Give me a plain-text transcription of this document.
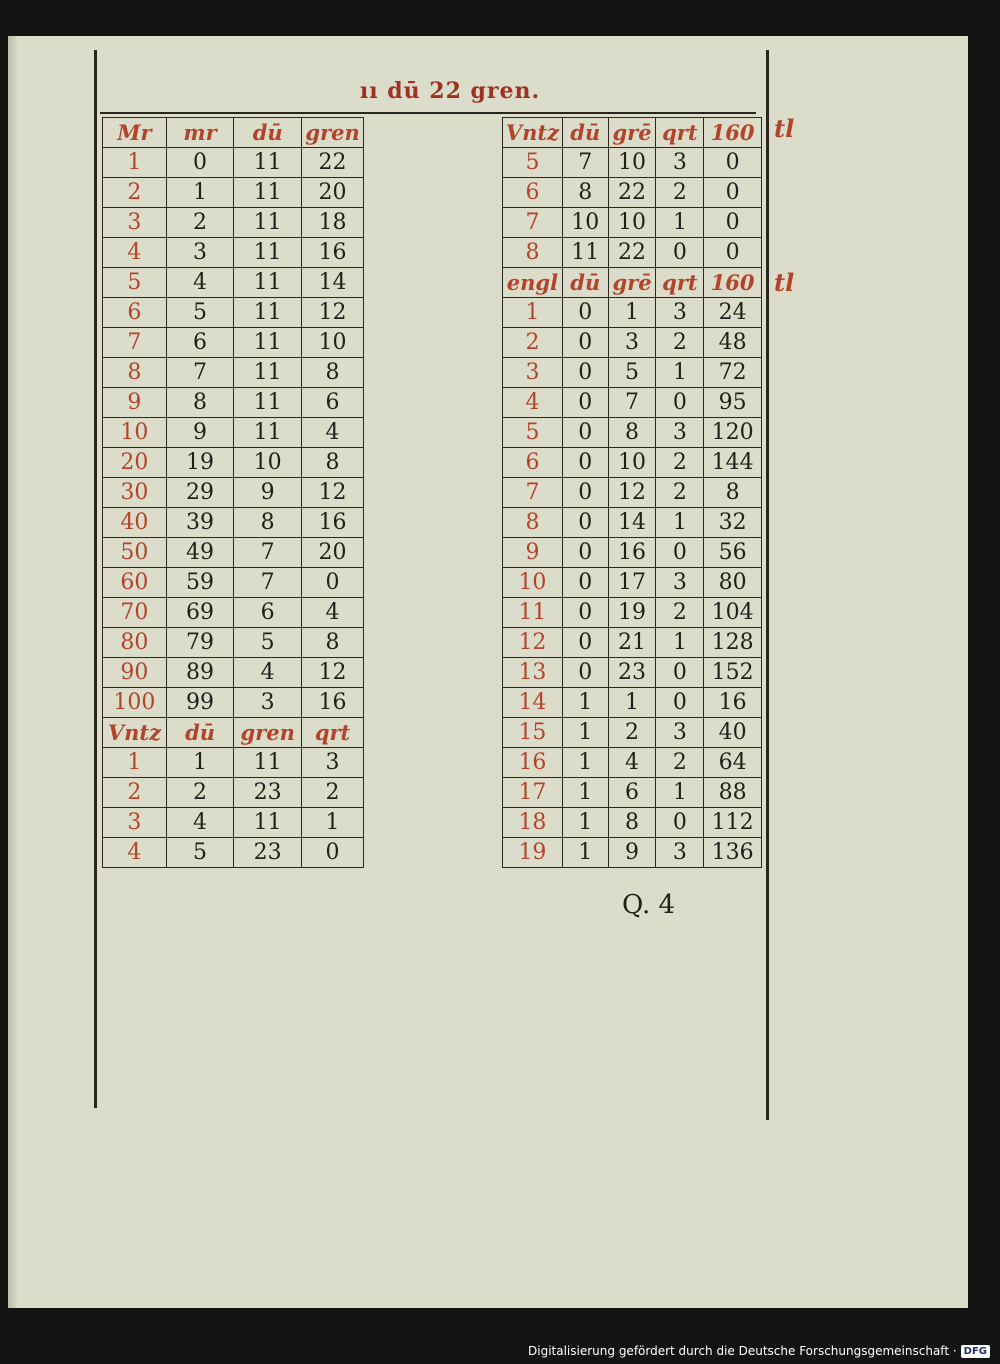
ıı dū 22 gren.
Mr	mr	dū	gren
1	0	11	22
2	1	11	20
3	2	11	18
4	3	11	16
5	4	11	14
6	5	11	12
7	6	11	10
8	7	11	8
9	8	11	6
10	9	11	4
20	19	10	8
30	29	9	12
40	39	8	16
50	49	7	20
60	59	7	0
70	69	6	4
80	79	5	8
90	89	4	12
100	99	3	16
Vntz	dū	gren	qrt
1	1	11	3
2	2	23	2
3	4	11	1
4	5	23	0
Vntz	dū	grē	qrt	160
5	7	10	3	0
6	8	22	2	0
7	10	10	1	0
8	11	22	0	0
engl	dū	grē	qrt	160
1	0	1	3	24
2	0	3	2	48
3	0	5	1	72
4	0	7	0	95
5	0	8	3	120
6	0	10	2	144
7	0	12	2	8
8	0	14	1	32
9	0	16	0	56
10	0	17	3	80
11	0	19	2	104
12	0	21	1	128
13	0	23	0	152
14	1	1	0	16
15	1	2	3	40
16	1	4	2	64
17	1	6	1	88
18	1	8	0	112
19	1	9	3	136
tl
tl
Q. 4
Digitalisierung gefördert durch die Deutsche Forschungsgemeinschaft · DFG
